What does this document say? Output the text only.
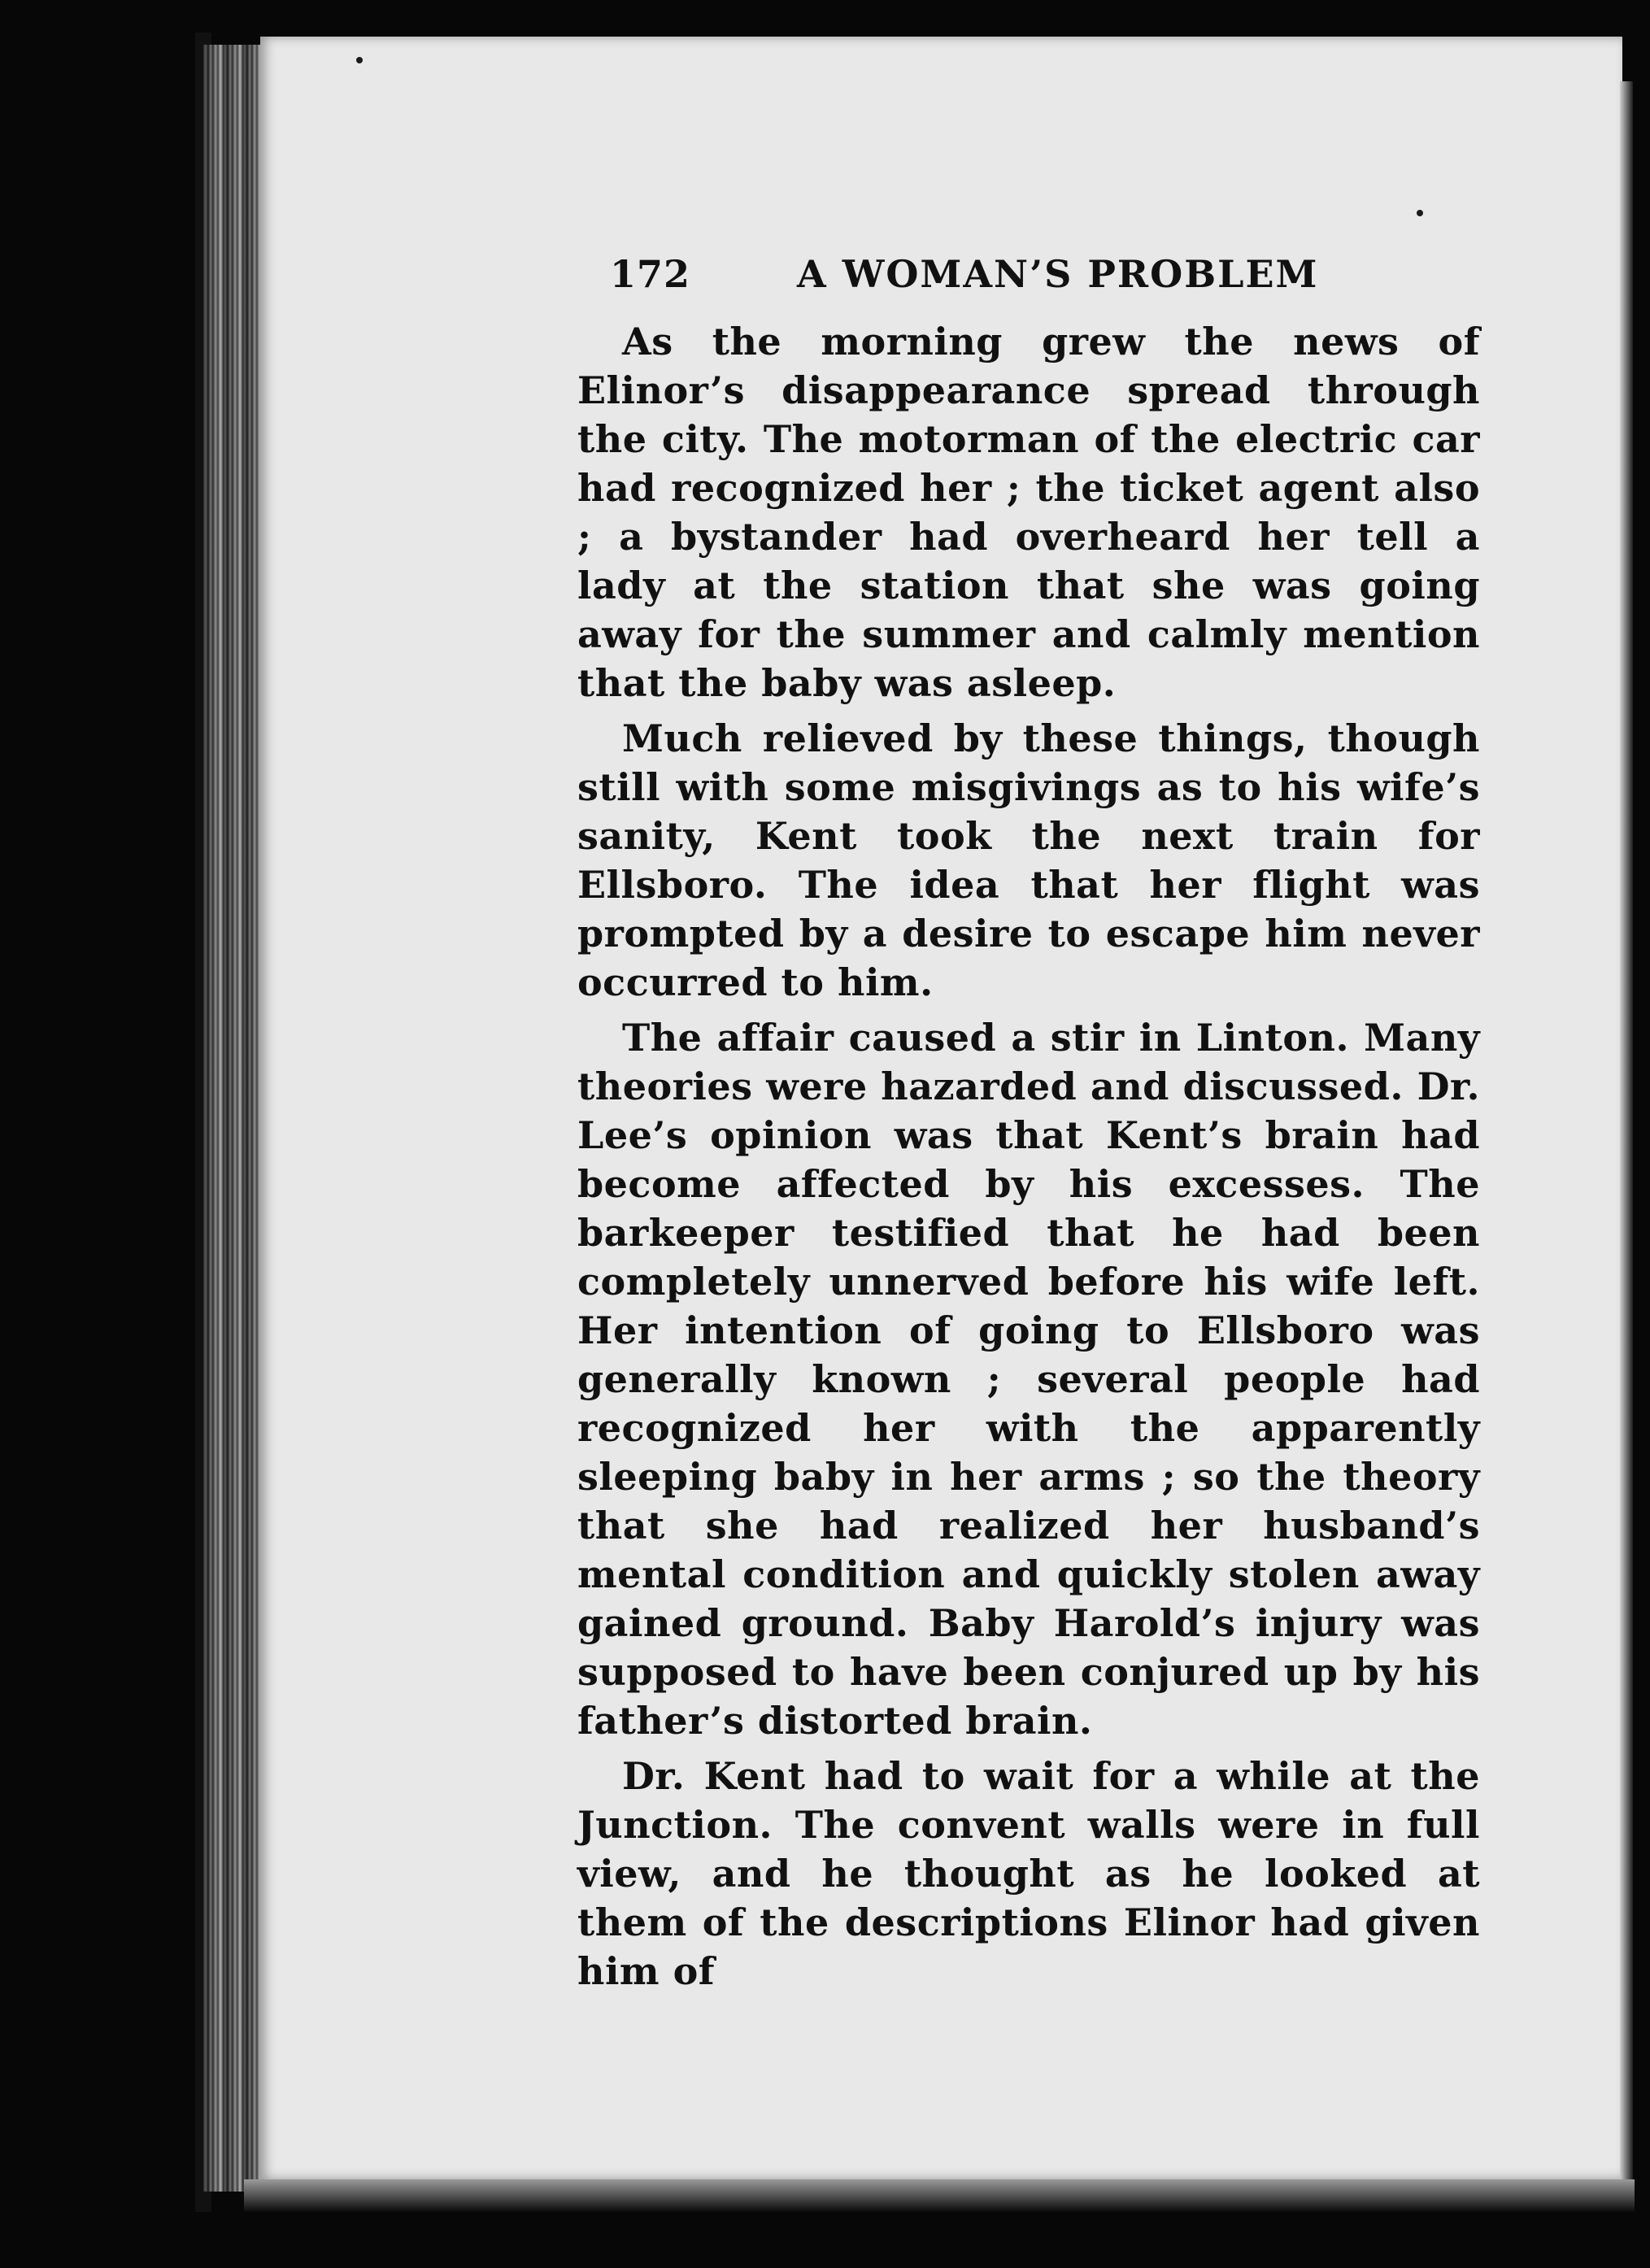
172	A WOMAN’S PROBLEM

As the morning grew the news of Elinor’s disappearance spread through the city. The motorman of the electric car had recognized her ; the ticket agent also ; a bystander had overheard her tell a lady at the station that she was going away for the summer and calmly mention that the baby was asleep.

Much relieved by these things, though still with some misgivings as to his wife’s sanity, Kent took the next train for Ellsboro. The idea that her flight was prompted by a desire to escape him never occurred to him.

The affair caused a stir in Linton. Many theories were hazarded and discussed. Dr. Lee’s opinion was that Kent’s brain had become affected by his excesses. The barkeeper testified that he had been completely unnerved before his wife left. Her intention of going to Ellsboro was generally known ; several people had recognized her with the apparently sleeping baby in her arms ; so the theory that she had realized her husband’s mental condition and quickly stolen away gained ground. Baby Harold’s injury was supposed to have been conjured up by his father’s distorted brain.

Dr. Kent had to wait for a while at the Junction. The convent walls were in full view, and he thought as he looked at them of the descriptions Elinor had given him of
